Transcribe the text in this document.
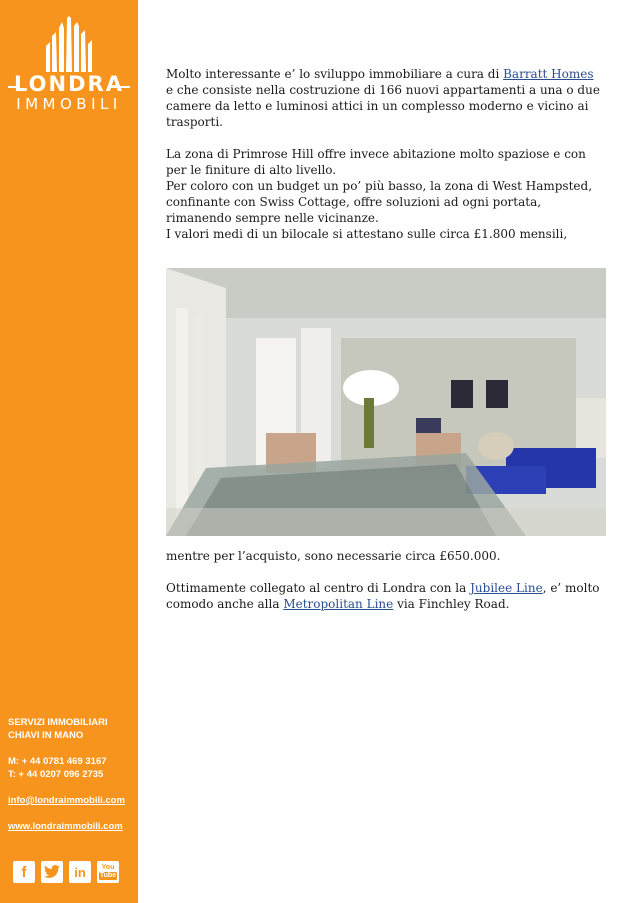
LONDRA
IMMOBILI
SERVIZI IMMOBILIARI
CHIAVI IN MANO
M: + 44 0781 469 3167
T: + 44 0207 096 2735
info@londraimmobili.com
www.londraimmobili.com
f	in You
Tube

Molto interessante e’ lo sviluppo immobiliare a cura di Barratt Homes
e che consiste nella costruzione di 166 nuovi appartamenti a una o due
camere da letto e luminosi attici in un complesso moderno e vicino ai
trasporti.

La zona di Primrose Hill offre invece abitazione molto spaziose e con
per le finiture di alto livello.
Per coloro con un budget un po’ più basso, la zona di West Hampsted,
confinante con Swiss Cottage, offre soluzioni ad ogni portata,
rimanendo sempre nelle vicinanze.
I valori medi di un bilocale si attestano sulle circa £1.800 mensili,

mentre per l’acquisto, sono necessarie circa £650.000.

Ottimamente collegato al centro di Londra con la Jubilee Line, e’ molto
comodo anche alla Metropolitan Line via Finchley Road.
